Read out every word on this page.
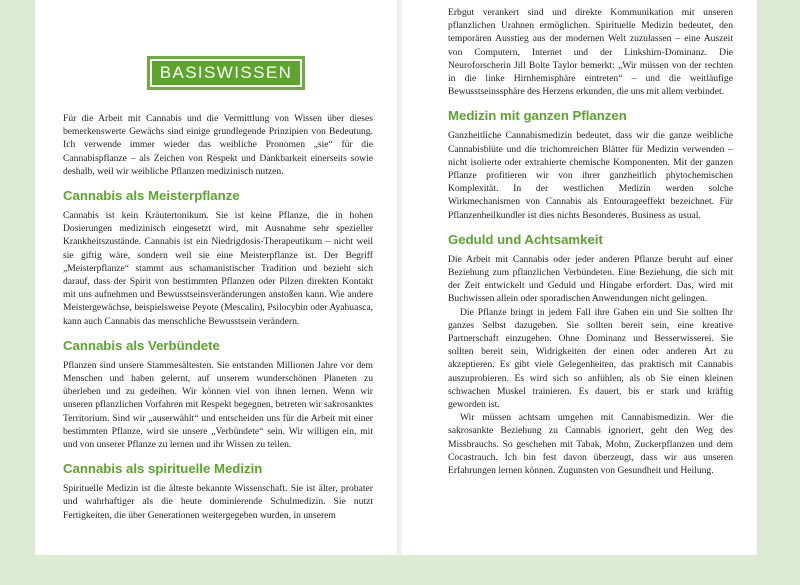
BASISWISSEN

Für die Arbeit mit Cannabis und die Vermittlung von Wissen über dieses bemerkenswerte Gewächs sind einige grundlegende Prinzipien von Bedeutung. Ich verwende immer wieder das weibliche Pronomen „sie“ für die Cannabispflanze – als Zeichen von Respekt und Dankbarkeit einerseits sowie deshalb, weil wir weibliche Pflanzen medizinisch nutzen.

Cannabis als Meisterpflanze

Cannabis ist kein Kräutertonikum. Sie ist keine Pflanze, die in hohen Dosierungen medizinisch eingesetzt wird, mit Ausnahme sehr spezieller Krankheitszustände. Cannabis ist ein Niedrigdosis-Therapeutikum – nicht weil sie giftig wäre, sondern weil sie eine Meisterpflanze ist. Der Begriff „Meisterpflanze“ stammt aus schamanistischer Tradition und bezieht sich darauf, dass der Spirit von bestimmten Pflanzen oder Pilzen direkten Kontakt mit uns aufnehmen und Bewusstseinsveränderungen anstoßen kann. Wie andere Meistergewächse, beispielsweise Peyote (Mescalin), Psilocybin oder Ayahuasca, kann auch Cannabis das menschliche Bewusstsein verändern.

Cannabis als Verbündete

Pflanzen sind unsere Stammesältesten. Sie entstanden Millionen Jahre vor dem Menschen und haben gelernt, auf unserem wunderschönen Planeten zu überleben und zu gedeihen. Wir können viel von ihnen lernen. Wenn wir unseren pflanzlichen Vorfahren mit Respekt begegnen, betreten wir sakrosanktes Territorium. Sind wir „auserwählt“ und entscheiden uns für die Arbeit mit einer bestimmten Pflanze, wird sie unsere „Verbündete“ sein. Wir willigen ein, mit und von unserer Pflanze zu lernen und ihr Wissen zu teilen.

Cannabis als spirituelle Medizin

Spirituelle Medizin ist die älteste bekannte Wissenschaft. Sie ist älter, probater und wahrhaftiger als die heute dominierende Schulmedizin. Sie nutzt Fertigkeiten, die über Generationen weitergegeben wurden, in unserem

Erbgut verankert sind und direkte Kommunikation mit unseren pflanzlichen Urahnen ermöglichen. Spirituelle Medizin bedeutet, den temporären Ausstieg aus der modernen Welt zuzulassen – eine Auszeit von Computern, Internet und der Linkshirn-Dominanz. Die Neuroforscherin Jill Bolte Taylor bemerkt: „Wir müssen von der rechten in die linke Hirnhemisphäre eintreten“ – und die weitläufige Bewusstseinssphäre des Herzens erkunden, die uns mit allem verbindet.

Medizin mit ganzen Pflanzen

Ganzheitliche Cannabismedizin bedeutet, dass wir die ganze weibliche Cannabisblüte und die trichomreichen Blätter für Medizin verwenden – nicht isolierte oder extrahierte chemische Komponenten. Mit der ganzen Pflanze profitieren wir von ihrer ganzheitlich phytochemischen Komplexität. In der westlichen Medizin werden solche Wirkmechanismen von Cannabis als Entourageeffekt bezeichnet. Für Pflanzenheilkundler ist dies nichts Besonderes. Business as usual.

Geduld und Achtsamkeit

Die Arbeit mit Cannabis oder jeder anderen Pflanze beruht auf einer Beziehung zum pflanzlichen Verbündeten. Eine Beziehung, die sich mit der Zeit entwickelt und Geduld und Hingabe erfordert. Das, wird mit Buchwissen allein oder sporadischen Anwendungen nicht gelingen.

Die Pflanze bringt in jedem Fall ihre Gaben ein und Sie sollten Ihr ganzes Selbst dazugeben. Sie sollten bereit sein, eine kreative Partnerschaft einzugehen. Ohne Dominanz und Besserwisserei. Sie sollten bereit sein, Widrigkeiten der einen oder anderen Art zu akzeptieren. Es gibt viele Gelegenheiten, das praktisch mit Cannabis auszuprobieren. Es wird sich so anfühlen, als ob Sie einen kleinen schwachen Muskel trainieren. Es dauert, bis er stark und kräftig geworden ist.

Wir müssen achtsam umgehen mit Cannabismedizin. Wer die sakrosankte Beziehung zu Cannabis ignoriert, geht den Weg des Missbrauchs. So geschehen mit Tabak, Mohn, Zuckerpflanzen und dem Cocastrauch. Ich bin fest davon überzeugt, dass wir aus unseren Erfahrungen lernen können. Zugunsten von Gesundheit und Heilung.
